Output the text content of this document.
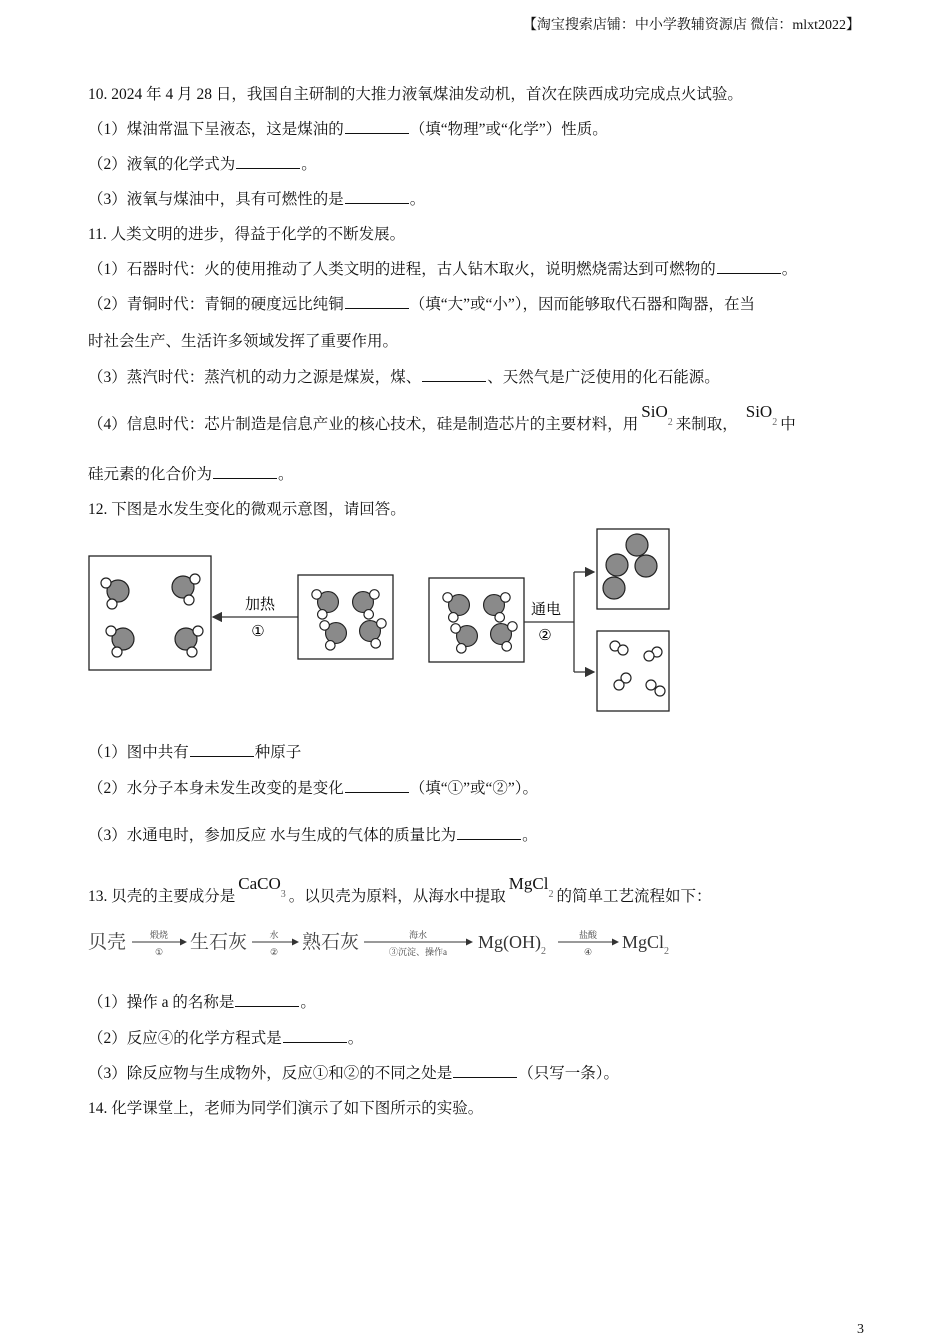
【淘宝搜索店铺：中小学教辅资源店 微信：mlxt2022】
10. 2024 年 4 月 28 日，我国自主研制的大推力液氧煤油发动机，首次在陕西成功完成点火试验。
（1）煤油常温下呈液态，这是煤油的	（填“物理”或“化学”）性质。
（2）液氧的化学式为	。
（3）液氧与煤油中，具有可燃性的是	。
11. 人类文明的进步，得益于化学的不断发展。
（1）石器时代：火的使用推动了人类文明的进程，古人钻木取火，说明燃烧需达到可燃物的	。
（2）青铜时代：青铜的硬度远比纯铜	（填“大”或“小”），因而能够取代石器和陶器，在当
时社会生产、生活许多领域发挥了重要作用。
（3）蒸汽时代：蒸汽机的动力之源是煤炭，煤、	、天然气是广泛使用的化石能源。
（4）信息时代：芯片制造是信息产业的核心技术，硅是制造芯片的主要材料，用SiO$_2$ 来制取，SiO$_2$ 中
硅元素的化合价为	。
12. 下图是水发生变化的微观示意图，请回答。
加热
①
通电
②
（1）图中共有	种原子
（2）水分子本身未发生改变的是变化	（填“①”或“②”）。
（3）水通电时，参加反应 水与生成的气体的质量比为	。
13. 贝壳的主要成分是CaCO$_3$ 。以贝壳为原料，从海水中提取MgCl$_2$ 的简单工艺流程如下：
贝壳	煅烧
① 生石灰 水
② 熟石灰	海水
③沉淀、操作a $Mg(OH)_2$
盐酸
④ MgCl$_2$
（1）操作 a 的名称是	。
（2）反应④的化学方程式是	。
（3）除反应物与生成物外，反应①和②的不同之处是	（只写一条）。
14. 化学课堂上，老师为同学们演示了如下图所示的实验。
3
